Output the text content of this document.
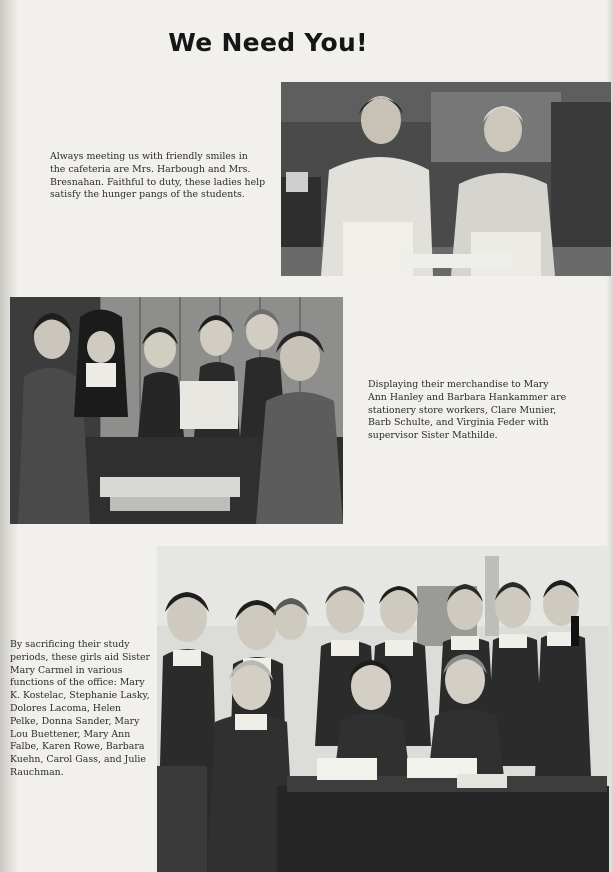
We Need You!

Always meeting us with friendly smiles in the cafeteria are Mrs. Harbough and Mrs. Bresnahan. Faithful to duty, these ladies help satisfy the hunger pangs of the students.

Displaying their merchandise to Mary Ann Hanley and Barbara Hankammer are stationery store workers, Clare Munier, Barb Schulte, and Virginia Feder with supervisor Sister Mathilde.

By sacrificing their study periods, these girls aid Sister Mary Carmel in various functions of the office: Mary K. Kostelac, Stephanie Lasky, Dolores Lacoma, Helen Pelke, Donna Sander, Mary Lou Buettener, Mary Ann Falbe, Karen Rowe, Barbara Kuehn, Carol Gass, and Julie Rauchman.
